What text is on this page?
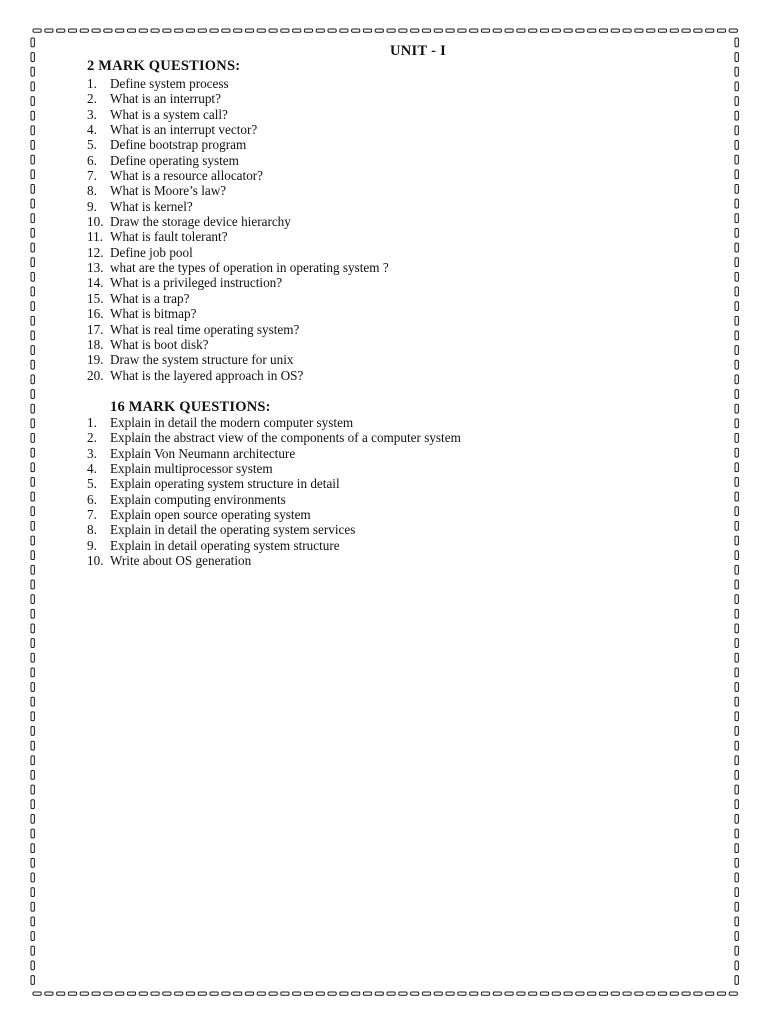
UNIT - I
2 MARK QUESTIONS:
1. Define system process
2. What is an interrupt?
3. What is a system call?
4. What is an interrupt vector?
5. Define bootstrap program
6. Define operating system
7. What is a resource allocator?
8. What is Moore’s law?
9. What is kernel?
10. Draw the storage device hierarchy
11. What is fault tolerant?
12. Define job pool
13. what are the types of operation in operating system ?
14. What is a privileged instruction?
15. What is a trap?
16. What is bitmap?
17. What is real time operating system?
18. What is boot disk?
19. Draw the system structure for unix
20. What is the layered approach in OS?
16 MARK QUESTIONS:
1. Explain in detail the modern computer system
2. Explain the abstract view of the components of a computer system
3. Explain Von Neumann architecture
4. Explain multiprocessor system
5. Explain operating system structure in detail
6. Explain computing environments
7. Explain open source operating system
8. Explain in detail the operating system services
9. Explain in detail operating system structure
10. Write about OS generation
